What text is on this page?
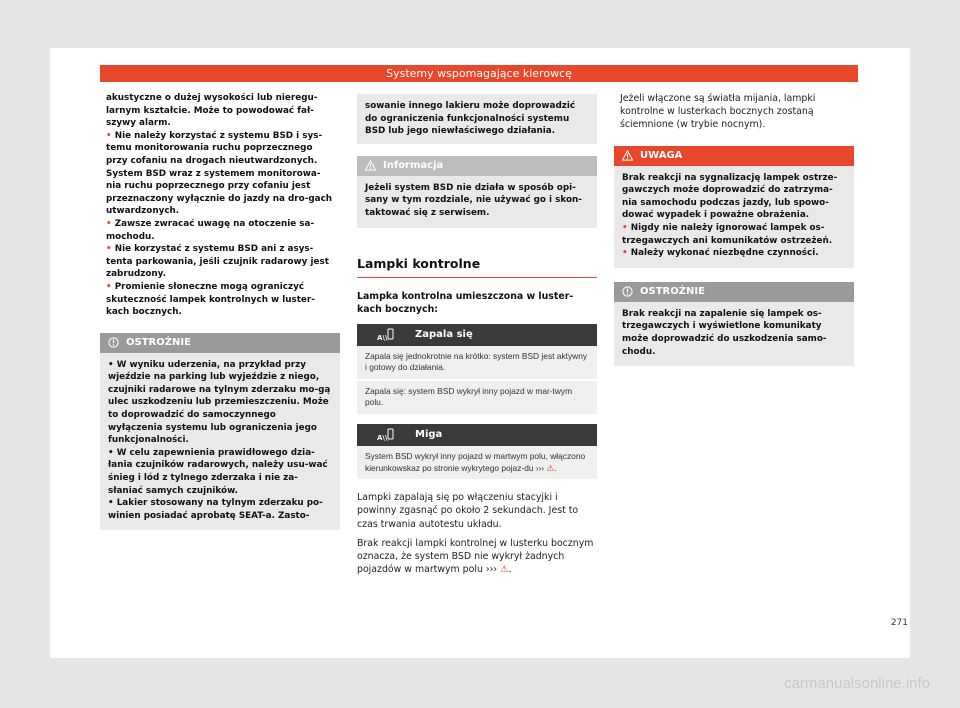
Systemy wspomagające kierowcę

akustyczne o dużej wysokości lub nieregu-larnym kształcie. Może to powodować fał-szywy alarm.

• Nie należy korzystać z systemu BSD i sys-temu monitorowania ruchu poprzecznego przy cofaniu na drogach nieutwardzonych. System BSD wraz z systemem monitorowa-nia ruchu poprzecznego przy cofaniu jest przeznaczony wyłącznie do jazdy na dro-gach utwardzonych.

• Zawsze zwracać uwagę na otoczenie sa-mochodu.

• Nie korzystać z systemu BSD ani z asys-tenta parkowania, jeśli czujnik radarowy jest zabrudzony.

• Promienie słoneczne mogą ograniczyć skuteczność lampek kontrolnych w luster-kach bocznych.

OSTROŻNIE

• W wyniku uderzenia, na przykład przy wjeździe na parking lub wyjeździe z niego, czujniki radarowe na tylnym zderzaku mo-gą ulec uszkodzeniu lub przemieszczeniu. Może to doprowadzić do samoczynnego wyłączenia systemu lub ograniczenia jego funkcjonalności.

• W celu zapewnienia prawidłowego dzia-łania czujników radarowych, należy usu-wać śnieg i lód z tylnego zderzaka i nie za-słaniać samych czujników.

• Lakier stosowany na tylnym zderzaku po-winien posiadać aprobatę SEAT-a. Zasto-

sowanie innego lakieru może doprowadzić do ograniczenia funkcjonalności systemu BSD lub jego niewłaściwego działania.

Informacja

Jeżeli system BSD nie działa w sposób opi-sany w tym rozdziale, nie używać go i skon-taktować się z serwisem.

Lampki kontrolne

Lampka kontrolna umieszczona w luster-kach bocznych:

A\\	Zapala się
Zapala się jednokrotnie na krótko: system BSD jest aktywny i gotowy do działania.
Zapala się: system BSD wykrył inny pojazd w mar-twym polu.
A\\	Miga
System BSD wykrył inny pojazd w martwym polu, włączono kierunkowskaz po stronie wykrytego pojaz-du ››› ⚠.

Lampki zapalają się po włączeniu stacyjki i powinny zgasnąć po około 2 sekundach. Jest to czas trwania autotestu układu.

Brak reakcji lampki kontrolnej w lusterku bocznym oznacza, że system BSD nie wykrył żadnych pojazdów w martwym polu ››› ⚠.

Jeżeli włączone są światła mijania, lampki kontrolne w lusterkach bocznych zostaną ściemnione (w trybie nocnym).

UWAGA

Brak reakcji na sygnalizację lampek ostrze-gawczych może doprowadzić do zatrzyma-nia samochodu podczas jazdy, lub spowo-dować wypadek i poważne obrażenia.

• Nigdy nie należy ignorować lampek os-trzegawczych ani komunikatów ostrzeżeń.

• Należy wykonać niezbędne czynności.

OSTROŻNIE

Brak reakcji na zapalenie się lampek os-trzegawczych i wyświetlone komunikaty może doprowadzić do uszkodzenia samo-chodu.

271
carmanualsonline.info
